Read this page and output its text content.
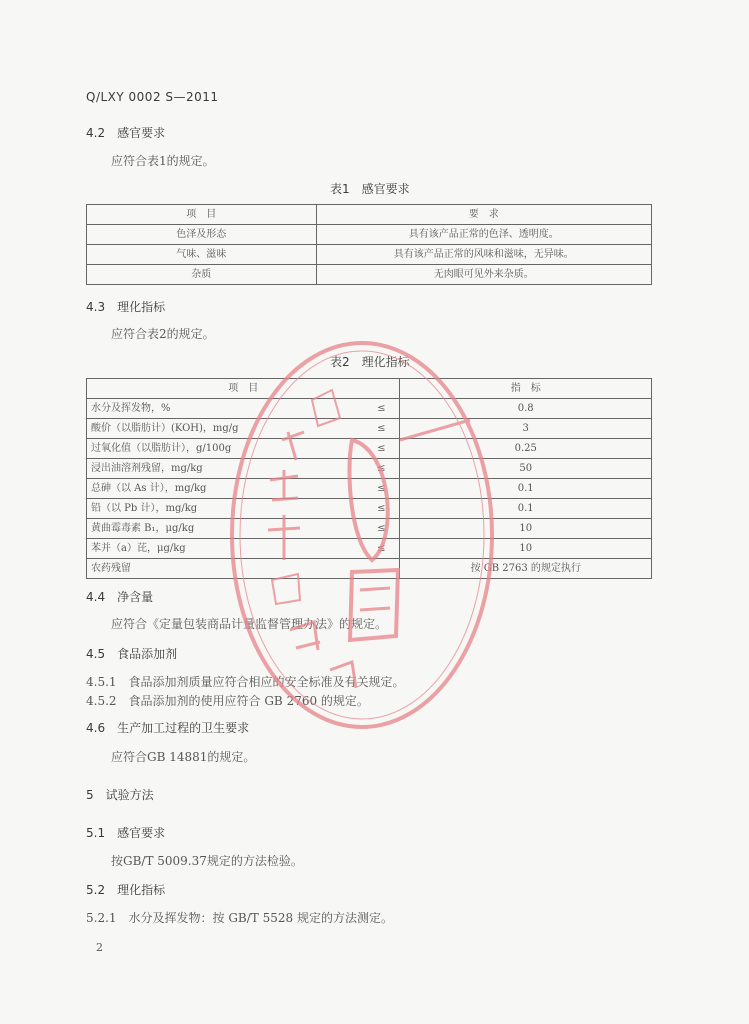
Q/LXY 0002 S—2011
4.2　感官要求
应符合表1的规定。
表1　感官要求
项　目	要　求
色泽及形态	具有该产品正常的色泽、透明度。
气味、滋味	具有该产品正常的风味和滋味，无异味。
杂质	无肉眼可见外来杂质。
4.3　理化指标
应符合表2的规定。
表2　理化指标
项　目		指　标
水分及挥发物，%	≤	0.8
酸价（以脂肪计）(KOH)，mg/g	≤	3
过氧化值（以脂肪计），g/100g	≤	0.25
浸出油溶剂残留，mg/kg	≤	50
总砷（以 As 计），mg/kg	≤	0.1
铅（以 Pb 计），mg/kg	≤	0.1
黄曲霉毒素 B₁，μg/kg	≤	10
苯并（a）芘，μg/kg	≤	10
农药残留		按 GB 2763 的规定执行
4.4　净含量
应符合《定量包装商品计量监督管理办法》的规定。
4.5　食品添加剂
4.5.1　食品添加剂质量应符合相应的安全标准及有关规定。
4.5.2　食品添加剂的使用应符合 GB 2760 的规定。
4.6　生产加工过程的卫生要求
应符合GB 14881的规定。
5　试验方法
5.1　感官要求
按GB/T 5009.37规定的方法检验。
5.2　理化指标
5.2.1　水分及挥发物：按 GB/T 5528 规定的方法测定。
2
